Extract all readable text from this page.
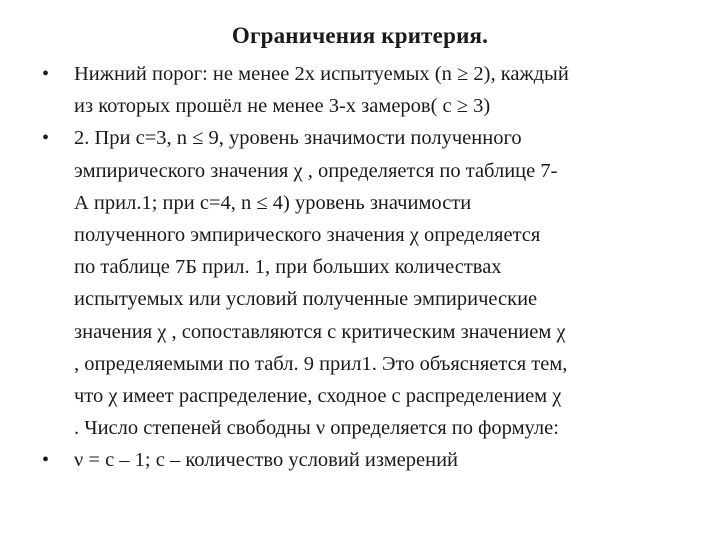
Ограничения критерия.
• Нижний порог: не менее 2х испытуемых (n ≥ 2), каждый
из которых прошёл не менее 3-х замеров( c ≥ 3)
• 2. При c=3, n ≤ 9, уровень значимости полученного
эмпирического значения χ , определяется по таблице 7-
А прил.1; при c=4, n ≤ 4) уровень значимости
полученного эмпирического значения χ определяется
по таблице 7Б прил. 1, при больших количествах
испытуемых или условий полученные эмпирические
значения χ , сопоставляются с критическим значением χ
, определяемыми по табл. 9 прил1. Это объясняется тем,
что χ имеет распределение, сходное с распределением χ
. Число степеней свободны ν определяется по формуле:
• ν = c – 1; c – количество условий измерений
